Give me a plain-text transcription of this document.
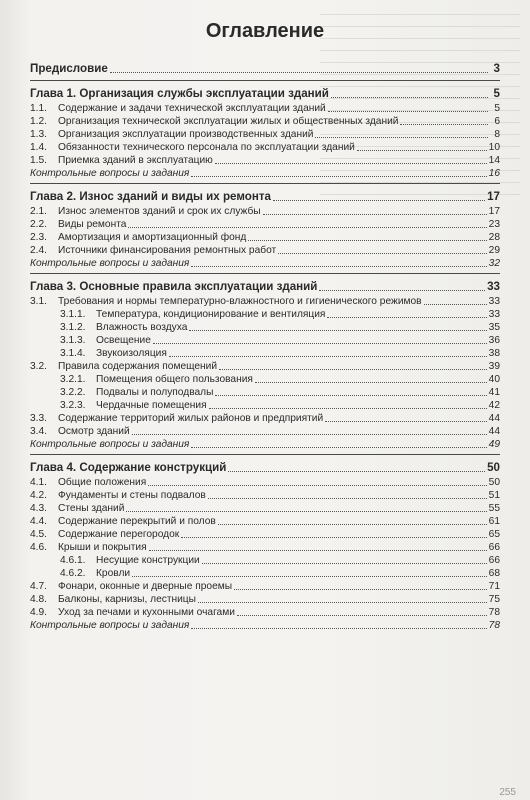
Оглавление
Предисловие	3
Глава 1. Организация службы эксплуатации зданий	5
1.1.	Содержание и задачи технической эксплуатации зданий	5
1.2.	Организация технической эксплуатации жилых и общественных зданий	6
1.3.	Организация эксплуатации производственных зданий	8
1.4.	Обязанности технического персонала по эксплуатации зданий	10
1.5.	Приемка зданий в эксплуатацию	14
Контрольные вопросы и задания	16
Глава 2. Износ зданий и виды их ремонта	17
2.1.	Износ элементов зданий и срок их службы	17
2.2.	Виды ремонта	23
2.3.	Амортизация и амортизационный фонд	28
2.4.	Источники финансирования ремонтных работ	29
Контрольные вопросы и задания	32
Глава 3. Основные правила эксплуатации зданий	33
3.1.	Требования и нормы температурно-влажностного и гигиенического режимов	33
3.1.1.	Температура, кондиционирование и вентиляция	33
3.1.2.	Влажность воздуха	35
3.1.3.	Освещение	36
3.1.4.	Звукоизоляция	38
3.2.	Правила содержания помещений	39
3.2.1.	Помещения общего пользования	40
3.2.2.	Подвалы и полуподвалы	41
3.2.3.	Чердачные помещения	42
3.3.	Содержание территорий жилых районов и предприятий	44
3.4.	Осмотр зданий	44
Контрольные вопросы и задания	49
Глава 4. Содержание конструкций	50
4.1.	Общие положения	50
4.2.	Фундаменты и стены подвалов	51
4.3.	Стены зданий	55
4.4.	Содержание перекрытий и полов	61
4.5.	Содержание перегородок	65
4.6.	Крыши и покрытия	66
4.6.1.	Несущие конструкции	66
4.6.2.	Кровли	68
4.7.	Фонари, оконные и дверные проемы	71
4.8.	Балконы, карнизы, лестницы	75
4.9.	Уход за печами и кухонными очагами	78
Контрольные вопросы и задания	78
255
